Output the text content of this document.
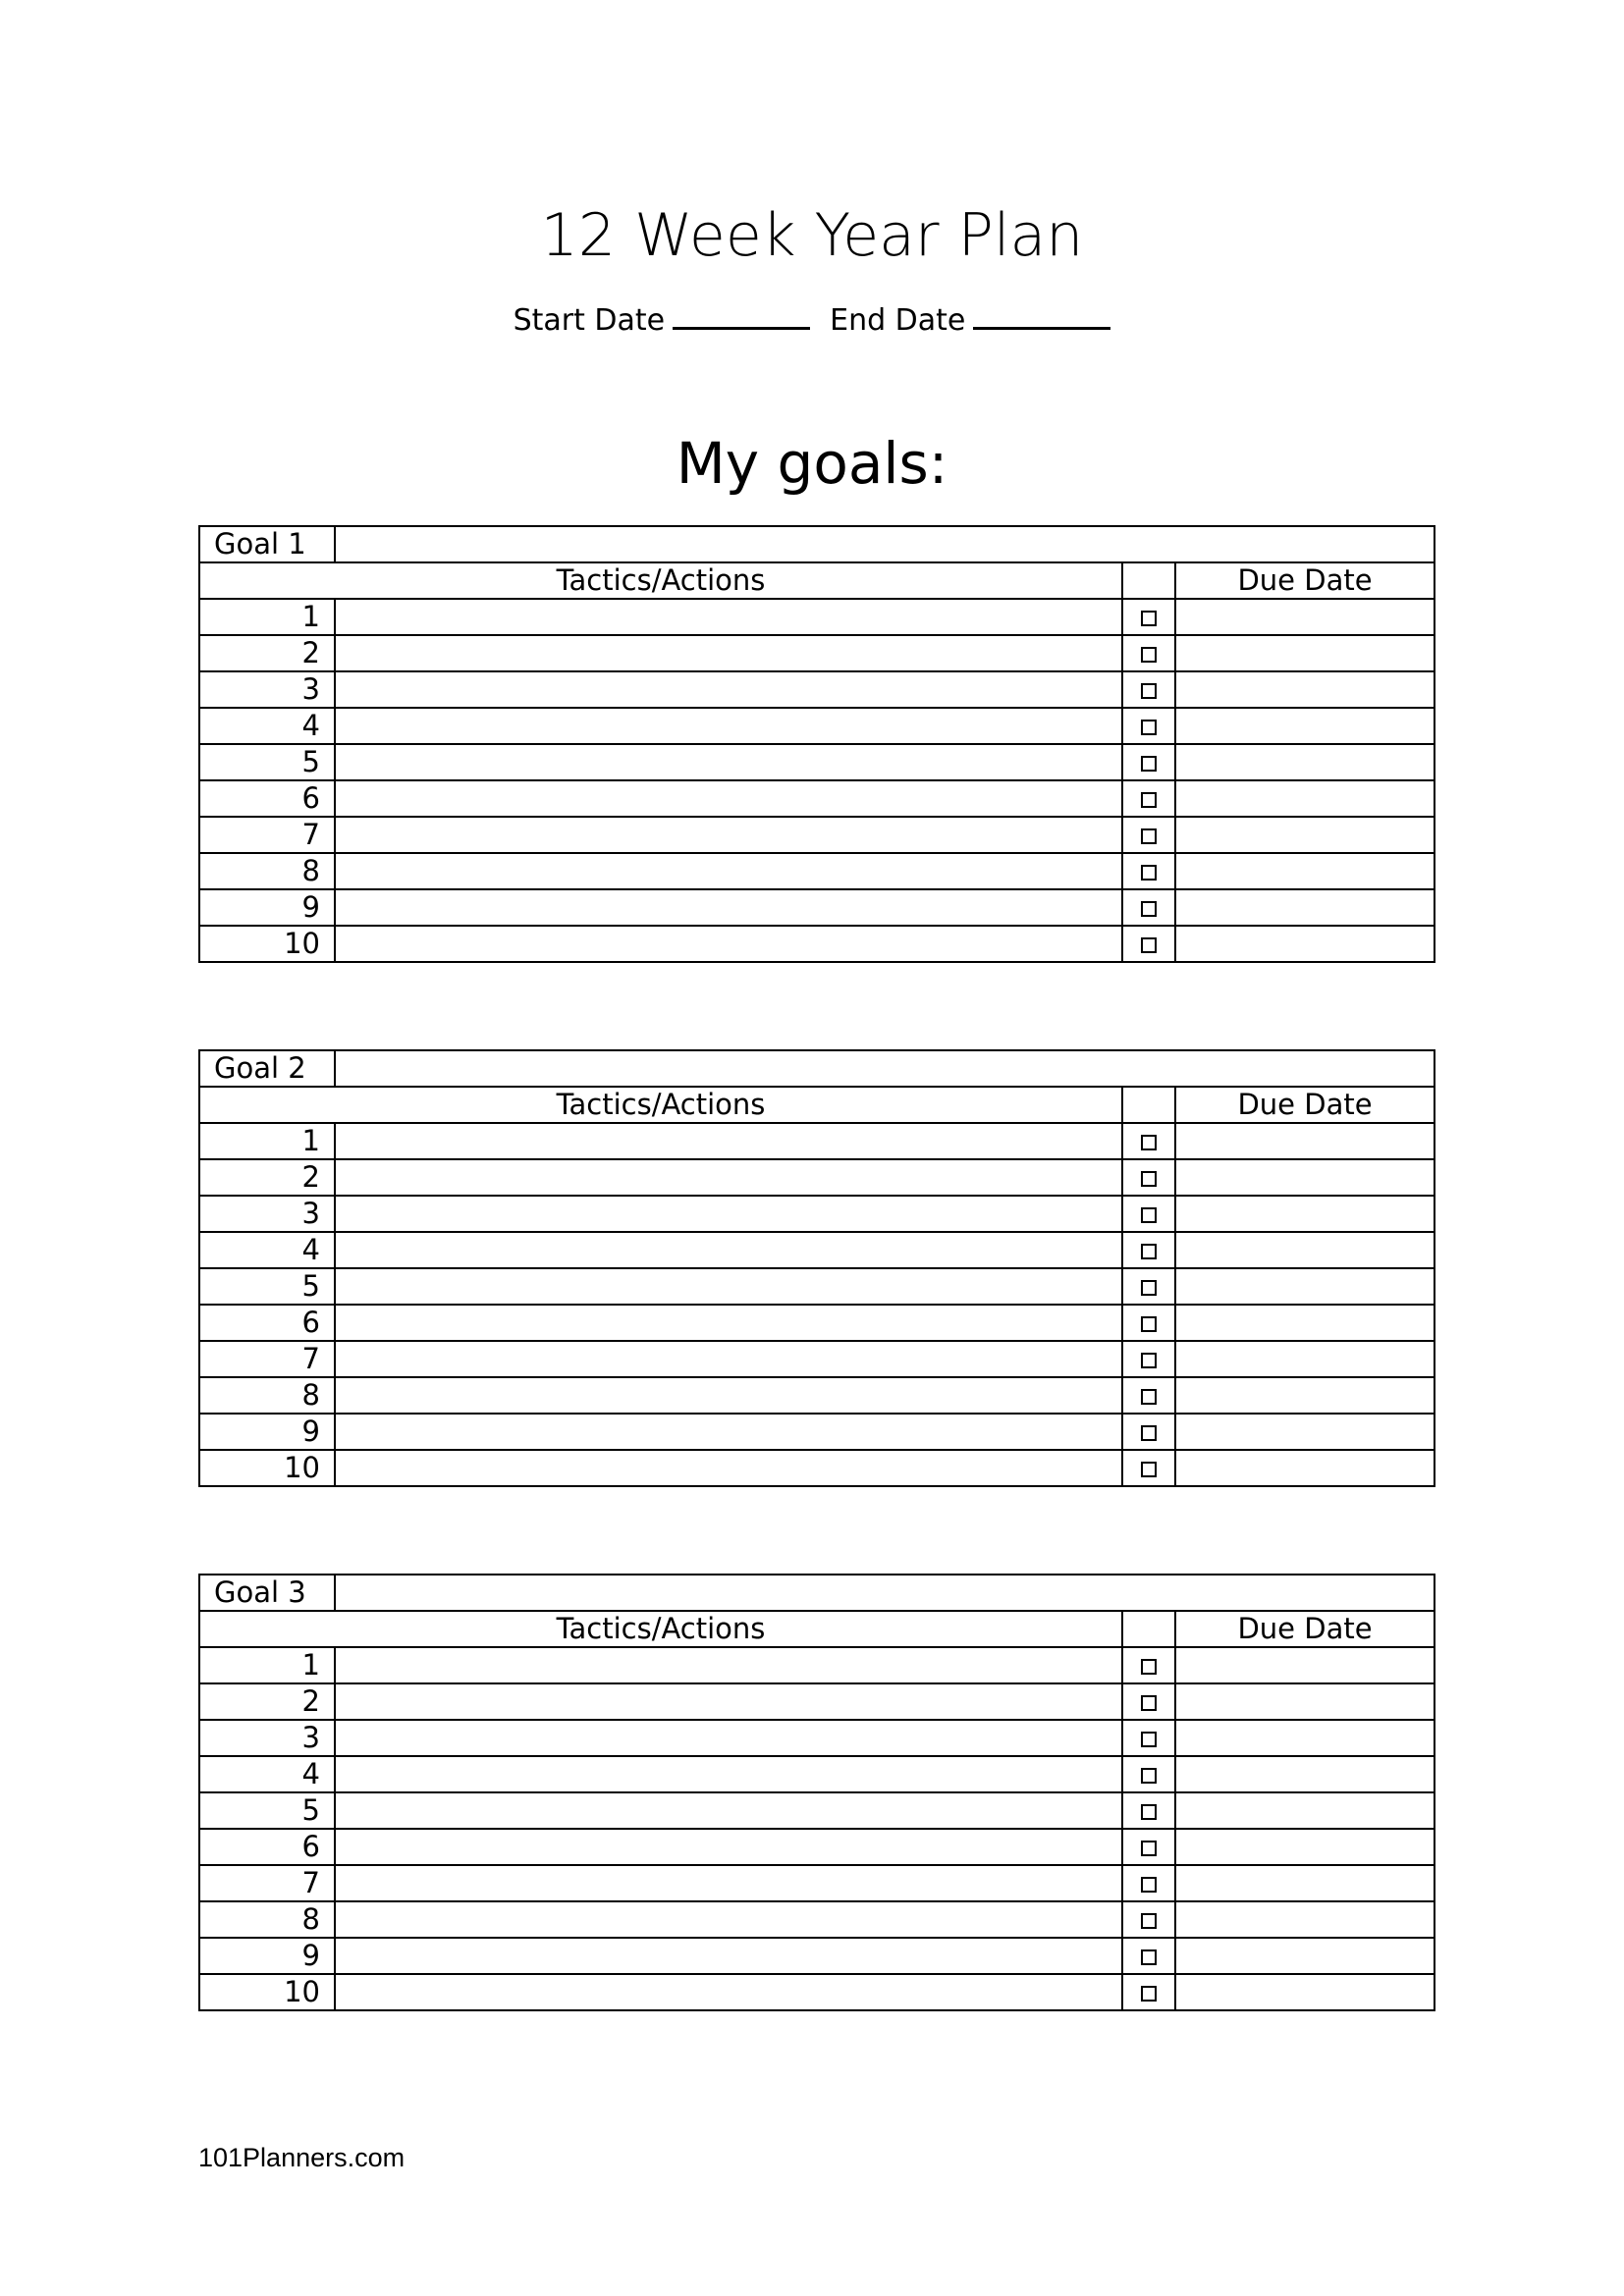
12 Week Year Plan
Start Date	End Date
My goals:
Goal 1			
Tactics/Actions			Due Date
1			
2			
3			
4			
5			
6			
7			
8			
9			
10			
Goal 2			
Tactics/Actions			Due Date
1			
2			
3			
4			
5			
6			
7			
8			
9			
10			
Goal 3			
Tactics/Actions			Due Date
1			
2			
3			
4			
5			
6			
7			
8			
9			
10			
101Planners.com
